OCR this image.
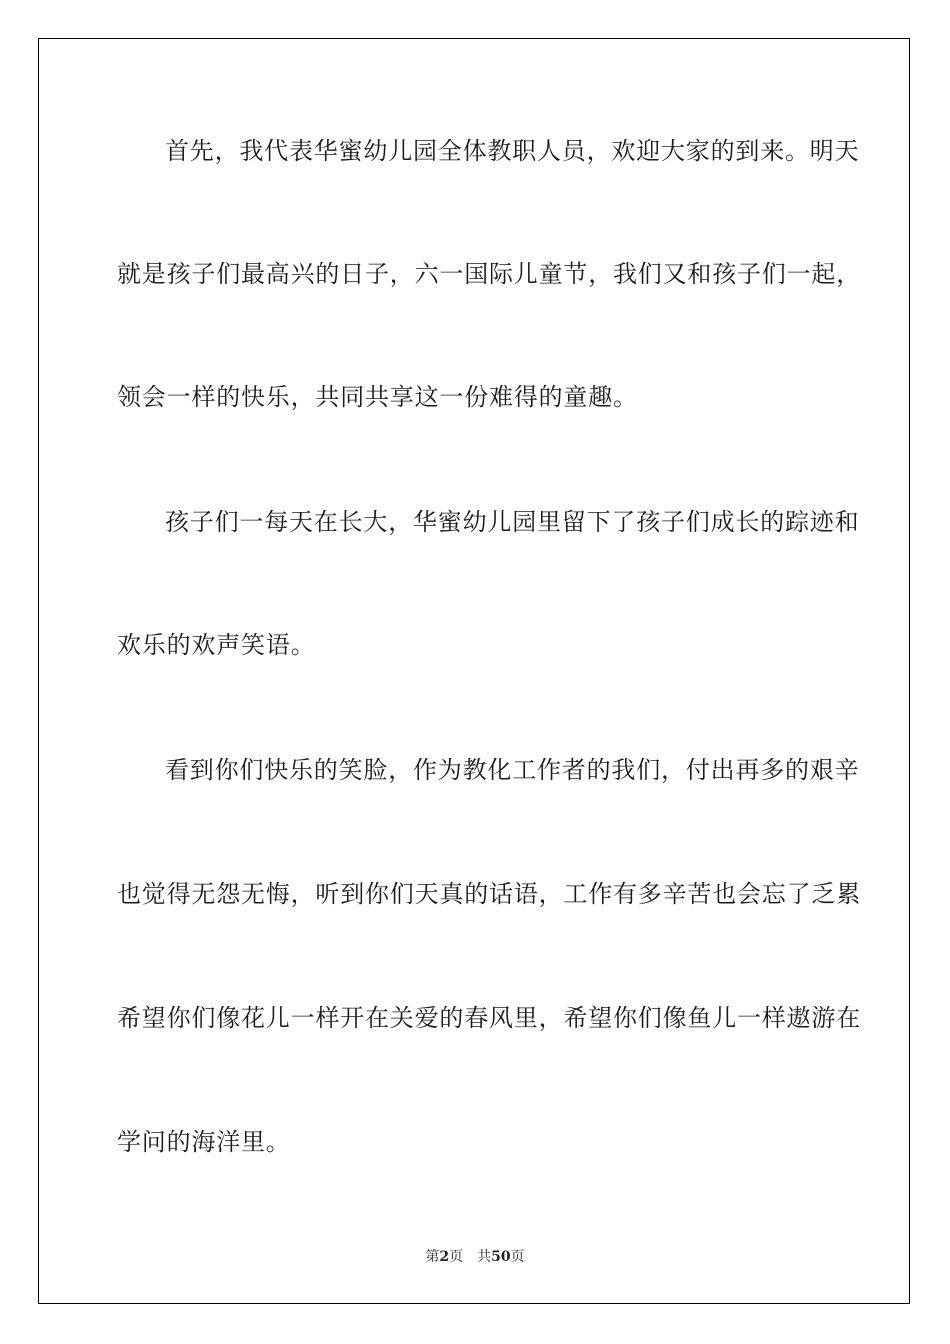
首先，我代表华蜜幼儿园全体教职人员，欢迎大家的到来。明天
就是孩子们最高兴的日子，六一国际儿童节，我们又和孩子们一起，
领会一样的快乐，共同共享这一份难得的童趣。
孩子们一每天在长大，华蜜幼儿园里留下了孩子们成长的踪迹和
欢乐的欢声笑语。
看到你们快乐的笑脸，作为教化工作者的我们，付出再多的艰辛
也觉得无怨无悔，听到你们天真的话语，工作有多辛苦也会忘了乏累
希望你们像花儿一样开在关爱的春风里，希望你们像鱼儿一样遨游在
学问的海洋里。
第2页 共50页
